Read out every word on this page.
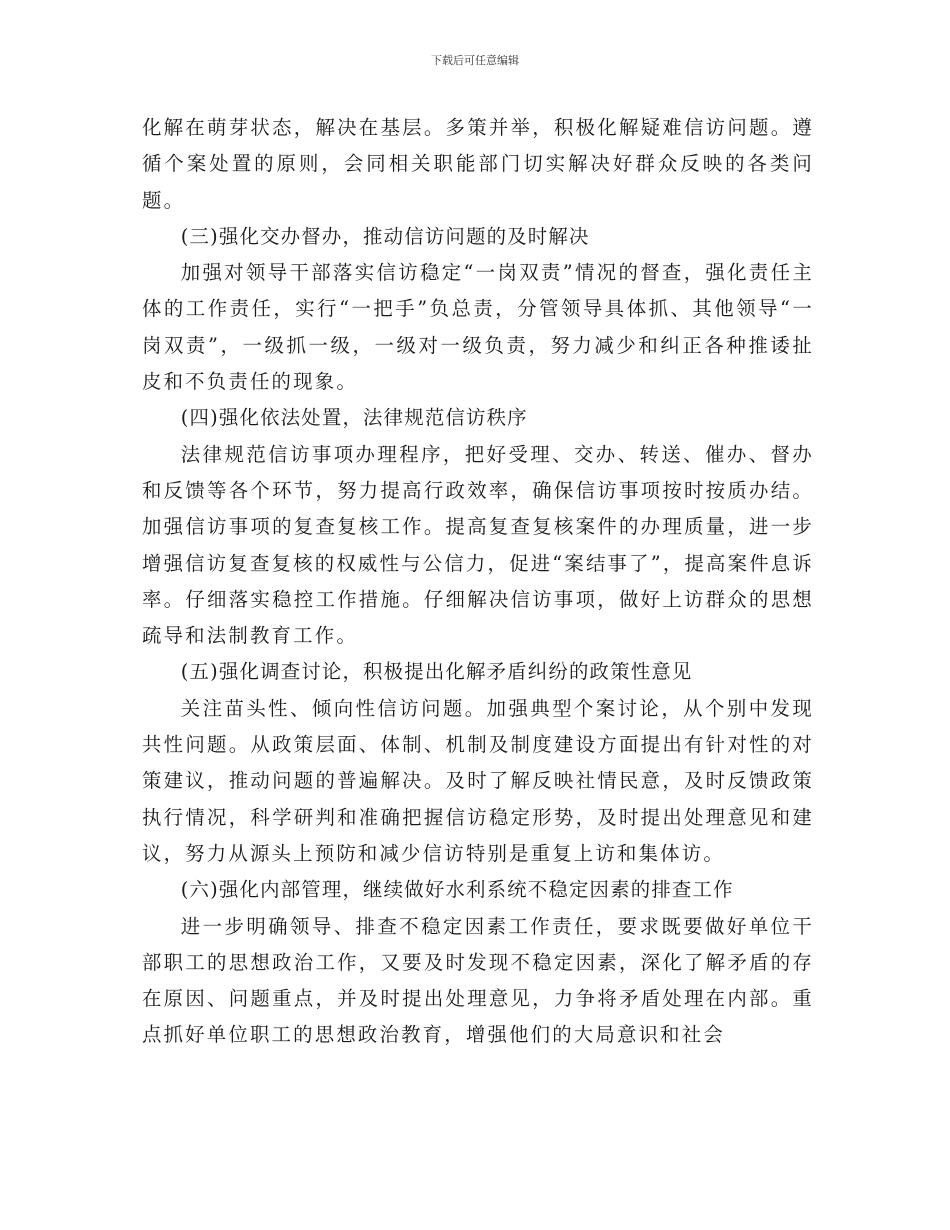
下载后可任意编辑

化解在萌芽状态，解决在基层。多策并举，积极化解疑难信访问题。遵循个案处置的原则，会同相关职能部门切实解决好群众反映的各类问题。

(三)强化交办督办，推动信访问题的及时解决

加强对领导干部落实信访稳定“一岗双责”情况的督查，强化责任主体的工作责任，实行“一把手”负总责，分管领导具体抓、其他领导“一岗双责”，一级抓一级，一级对一级负责，努力减少和纠正各种推诿扯皮和不负责任的现象。

(四)强化依法处置，法律规范信访秩序

法律规范信访事项办理程序，把好受理、交办、转送、催办、督办和反馈等各个环节，努力提高行政效率，确保信访事项按时按质办结。加强信访事项的复查复核工作。提高复查复核案件的办理质量，进一步增强信访复查复核的权威性与公信力，促进“案结事了”，提高案件息诉率。仔细落实稳控工作措施。仔细解决信访事项，做好上访群众的思想疏导和法制教育工作。

(五)强化调查讨论，积极提出化解矛盾纠纷的政策性意见

关注苗头性、倾向性信访问题。加强典型个案讨论，从个别中发现共性问题。从政策层面、体制、机制及制度建设方面提出有针对性的对策建议，推动问题的普遍解决。及时了解反映社情民意，及时反馈政策执行情况，科学研判和准确把握信访稳定形势，及时提出处理意见和建议，努力从源头上预防和减少信访特别是重复上访和集体访。

(六)强化内部管理，继续做好水利系统不稳定因素的排查工作

进一步明确领导、排查不稳定因素工作责任，要求既要做好单位干部职工的思想政治工作，又要及时发现不稳定因素，深化了解矛盾的存在原因、问题重点，并及时提出处理意见，力争将矛盾处理在内部。重点抓好单位职工的思想政治教育，增强他们的大局意识和社会
